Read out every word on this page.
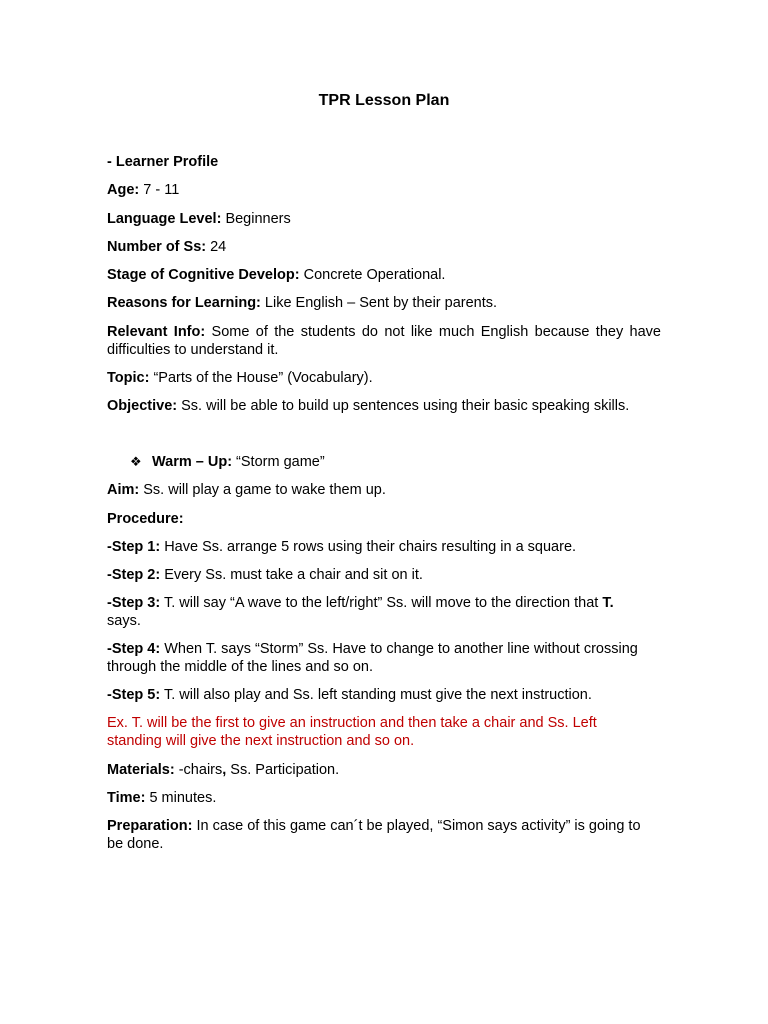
TPR Lesson Plan
- Learner Profile
Age: 7 - 11
Language Level: Beginners
Number of Ss: 24
Stage of Cognitive Develop: Concrete Operational.
Reasons for Learning: Like English – Sent by their parents.
Relevant Info: Some of the students do not like much English because they have difficulties to understand it.
Topic: “Parts of the House” (Vocabulary).
Objective: Ss. will be able to build up sentences using their basic speaking skills.
❖ Warm – Up: “Storm game”
Aim: Ss. will play a game to wake them up.
Procedure:
-Step 1: Have Ss. arrange 5 rows using their chairs resulting in a square.
-Step 2: Every Ss. must take a chair and sit on it.
-Step 3: T. will say “A wave to the left/right” Ss. will move to the direction that T.
says.
-Step 4: When T. says “Storm” Ss. Have to change to another line without crossing
through the middle of the lines and so on.
-Step 5: T. will also play and Ss. left standing must give the next instruction.
Ex. T. will be the first to give an instruction and then take a chair and Ss. Left
standing will give the next instruction and so on.
Materials: -chairs, Ss. Participation.
Time: 5 minutes.
Preparation: In case of this game can´t be played, “Simon says activity” is going to
be done.
